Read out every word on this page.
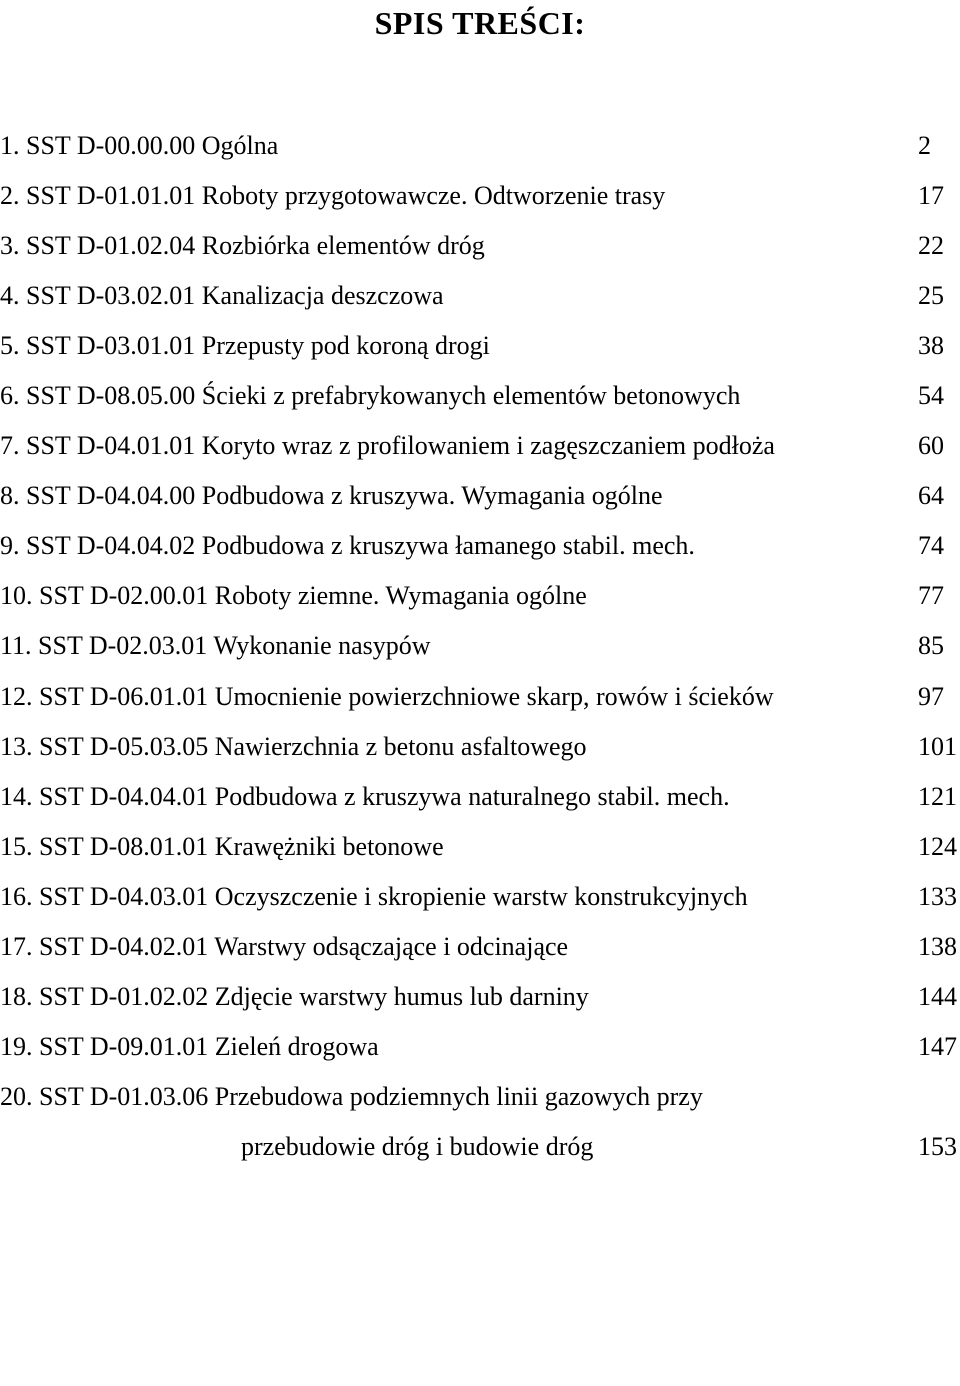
SPIS TREŚCI:
1. SST D-00.00.00 Ogólna	2
2. SST D-01.01.01 Roboty przygotowawcze. Odtworzenie trasy	17
3. SST D-01.02.04 Rozbiórka elementów dróg	22
4. SST D-03.02.01 Kanalizacja deszczowa	25
5. SST D-03.01.01 Przepusty pod koroną drogi	38
6. SST D-08.05.00 Ścieki z prefabrykowanych elementów betonowych	54
7. SST D-04.01.01 Koryto wraz z profilowaniem i zagęszczaniem podłoża	60
8. SST D-04.04.00 Podbudowa z kruszywa. Wymagania ogólne	64
9. SST D-04.04.02 Podbudowa z kruszywa łamanego stabil. mech.	74
10. SST D-02.00.01 Roboty ziemne. Wymagania ogólne	77
11. SST D-02.03.01 Wykonanie nasypów	85
12. SST D-06.01.01 Umocnienie powierzchniowe skarp, rowów i ścieków	97
13. SST D-05.03.05 Nawierzchnia z betonu asfaltowego	101
14. SST D-04.04.01 Podbudowa z kruszywa naturalnego stabil. mech.	121
15. SST D-08.01.01 Krawężniki betonowe	124
16. SST D-04.03.01 Oczyszczenie i skropienie warstw konstrukcyjnych	133
17. SST D-04.02.01 Warstwy odsączające i odcinające	138
18. SST D-01.02.02 Zdjęcie warstwy humus lub darniny	144
19. SST D-09.01.01 Zieleń drogowa	147
20. SST D-01.03.06 Przebudowa podziemnych linii gazowych przy
przebudowie dróg i budowie dróg	153
